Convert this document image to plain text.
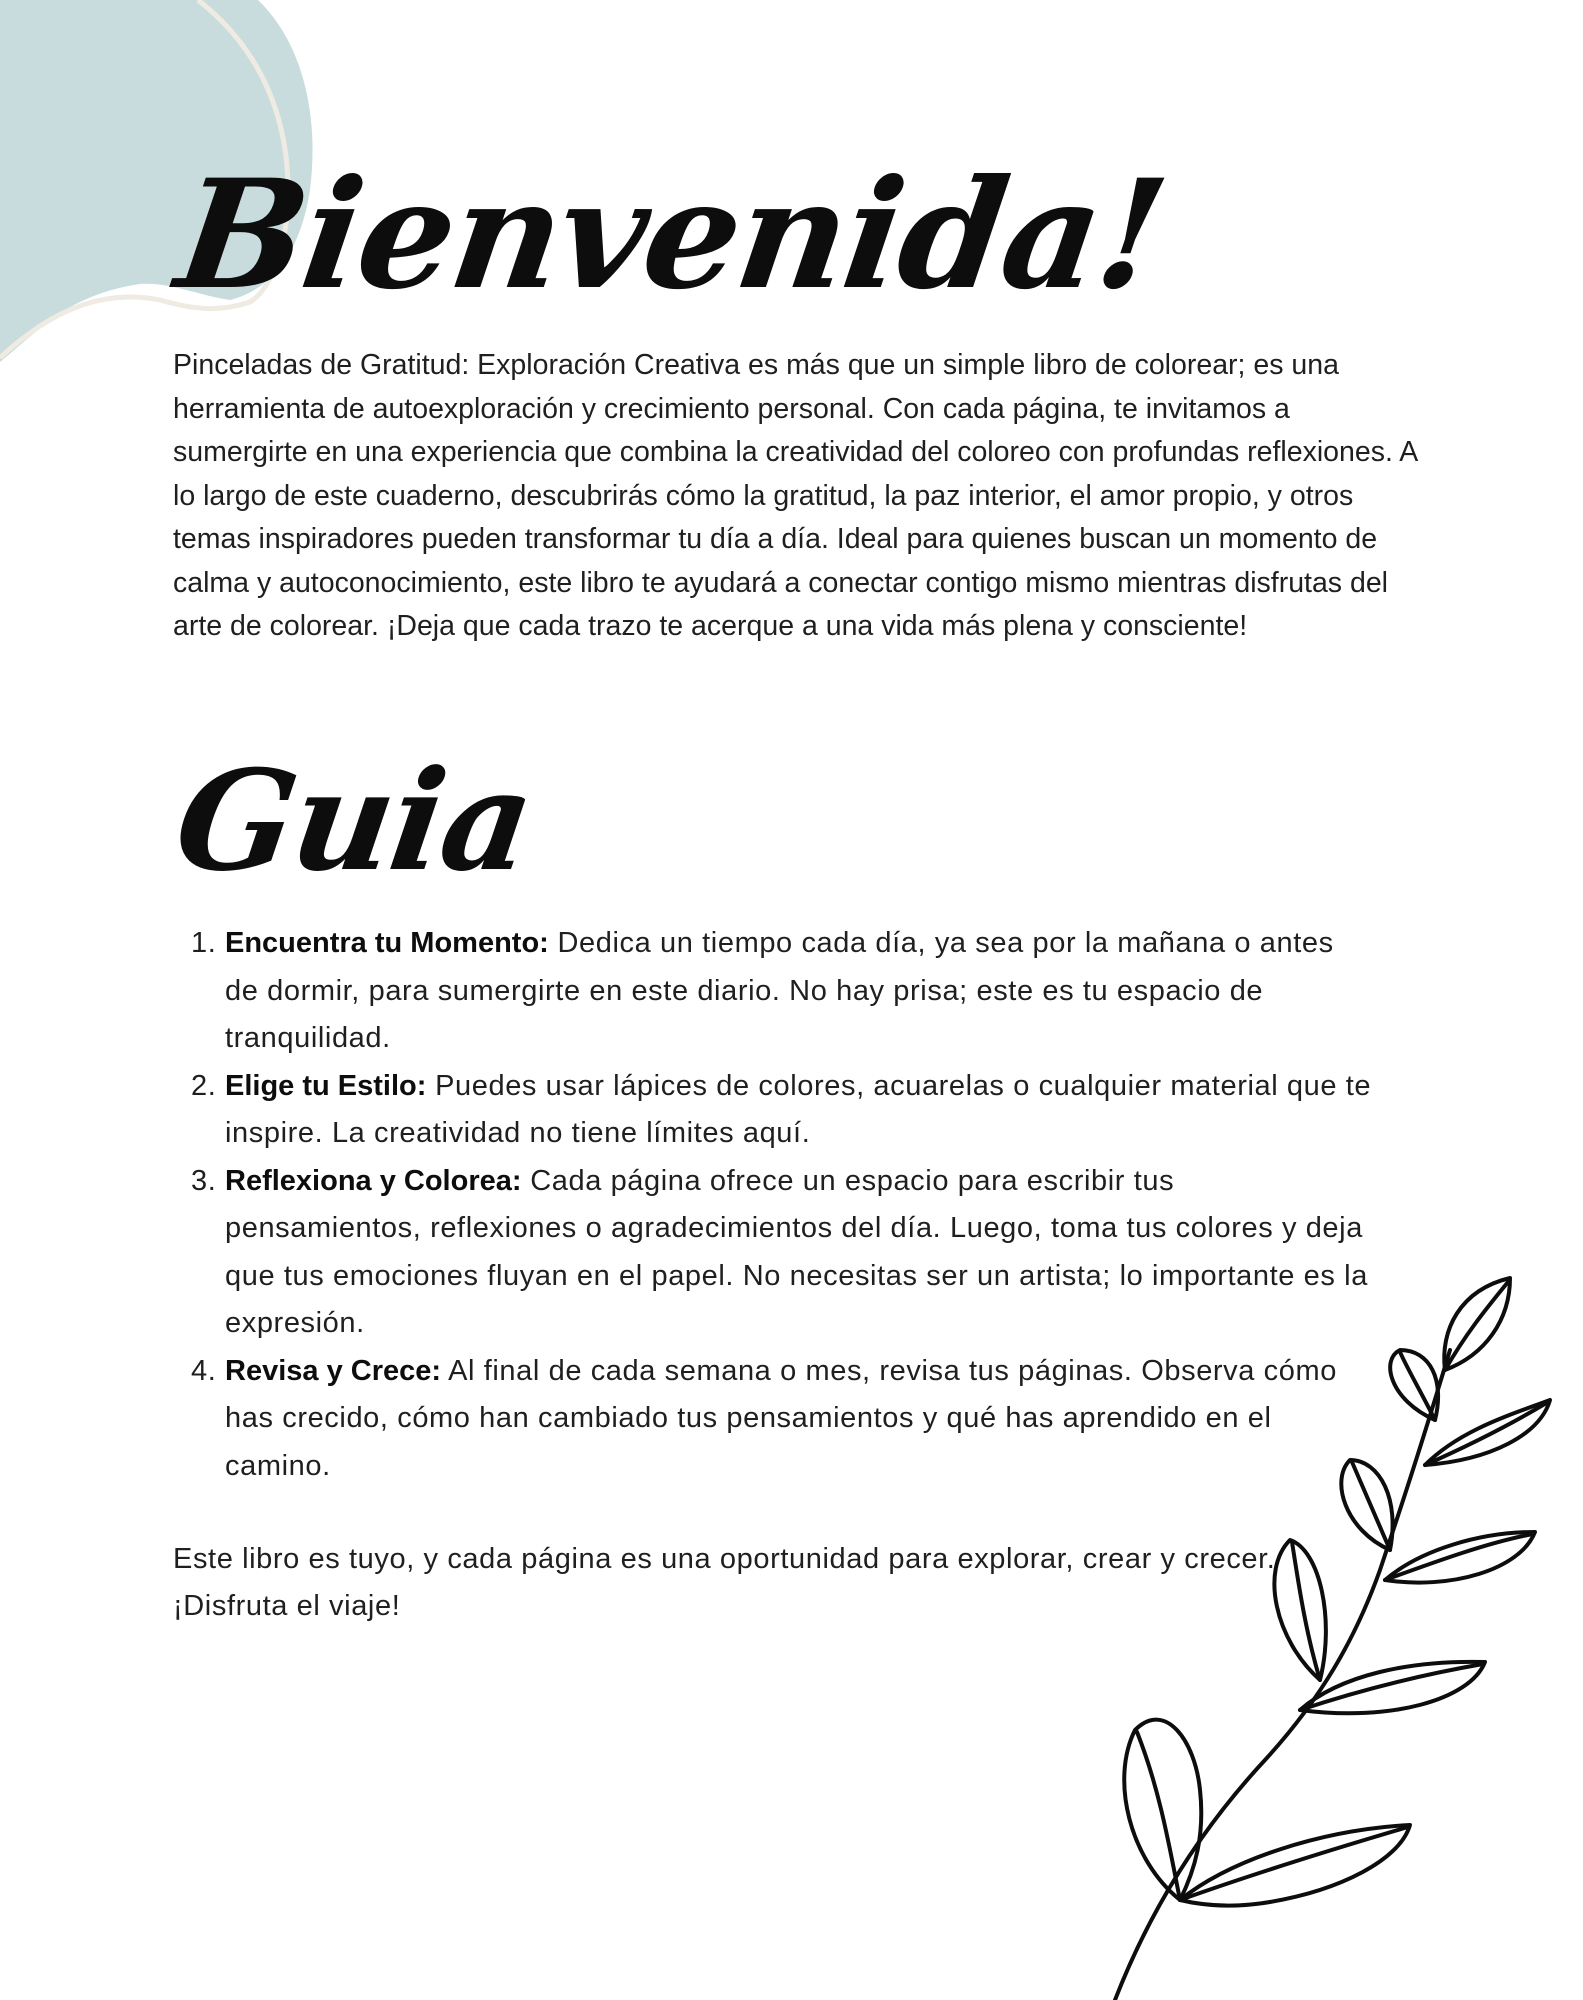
Bienvenida!

Pinceladas de Gratitud: Exploración Creativa es más que un simple libro de colorear; es una herramienta de autoexploración y crecimiento personal. Con cada página, te invitamos a sumergirte en una experiencia que combina la creatividad del coloreo con profundas reflexiones. A lo largo de este cuaderno, descubrirás cómo la gratitud, la paz interior, el amor propio, y otros temas inspiradores pueden transformar tu día a día. Ideal para quienes buscan un momento de calma y autoconocimiento, este libro te ayudará a conectar contigo mismo mientras disfrutas del arte de colorear. ¡Deja que cada trazo te acerque a una vida más plena y consciente!

Guia
1. Encuentra tu Momento: Dedica un tiempo cada día, ya sea por la mañana o antes de dormir, para sumergirte en este diario. No hay prisa; este es tu espacio de tranquilidad.
2. Elige tu Estilo: Puedes usar lápices de colores, acuarelas o cualquier material que te inspire. La creatividad no tiene límites aquí.
3. Reflexiona y Colorea: Cada página ofrece un espacio para escribir tus pensamientos, reflexiones o agradecimientos del día. Luego, toma tus colores y deja que tus emociones fluyan en el papel. No necesitas ser un artista; lo importante es la expresión.
4. Revisa y Crece: Al final de cada semana o mes, revisa tus páginas. Observa cómo has crecido, cómo han cambiado tus pensamientos y qué has aprendido en el camino.

Este libro es tuyo, y cada página es una oportunidad para explorar, crear y crecer. ¡Disfruta el viaje!
